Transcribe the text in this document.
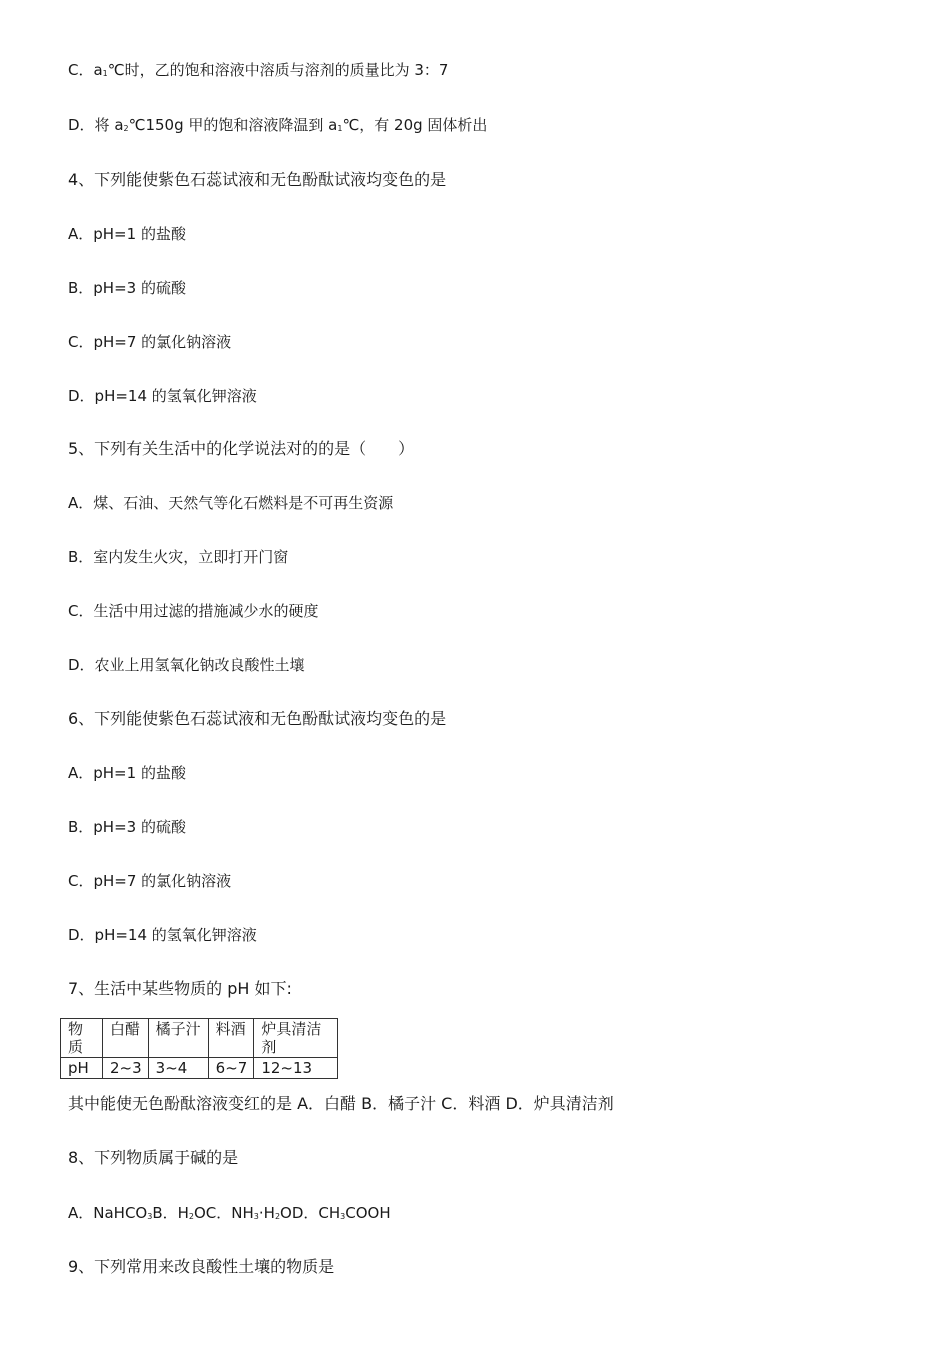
C．$a_1℃$时，乙的饱和溶液中溶质与溶剂的质量比为 3：7
D．将 $a_2℃150g$ 甲的饱和溶液降温到 $a_1℃$，有 20g 固体析出
4、下列能使紫色石蕊试液和无色酚酞试液均变色的是
A．pH=1 的盐酸
B．pH=3 的硫酸
C．pH=7 的氯化钠溶液
D．pH=14 的氢氧化钾溶液
5、下列有关生活中的化学说法对的的是（　　）
A．煤、石油、天然气等化石燃料是不可再生资源
B．室内发生火灾，立即打开门窗
C．生活中用过滤的措施减少水的硬度
D．农业上用氢氧化钠改良酸性土壤
6、下列能使紫色石蕊试液和无色酚酞试液均变色的是
A．pH=1 的盐酸
B．pH=3 的硫酸
C．pH=7 的氯化钠溶液
D．pH=14 的氢氧化钾溶液
7、生活中某些物质的 pH 如下:
物质	白醋	橘子汁	料酒	炉具清洁剂
pH	2~3	3~4	6~7	12~13
其中能使无色酚酞溶液变红的是 A．白醋 B．橘子汁 C．料酒 D．炉具清洁剂
8、下列物质属于碱的是
A．NaHCO$_3$B．$H_2OC$．$NH_3\cdot H_2OD$．$CH_3COOH$
9、下列常用来改良酸性土壤的物质是
